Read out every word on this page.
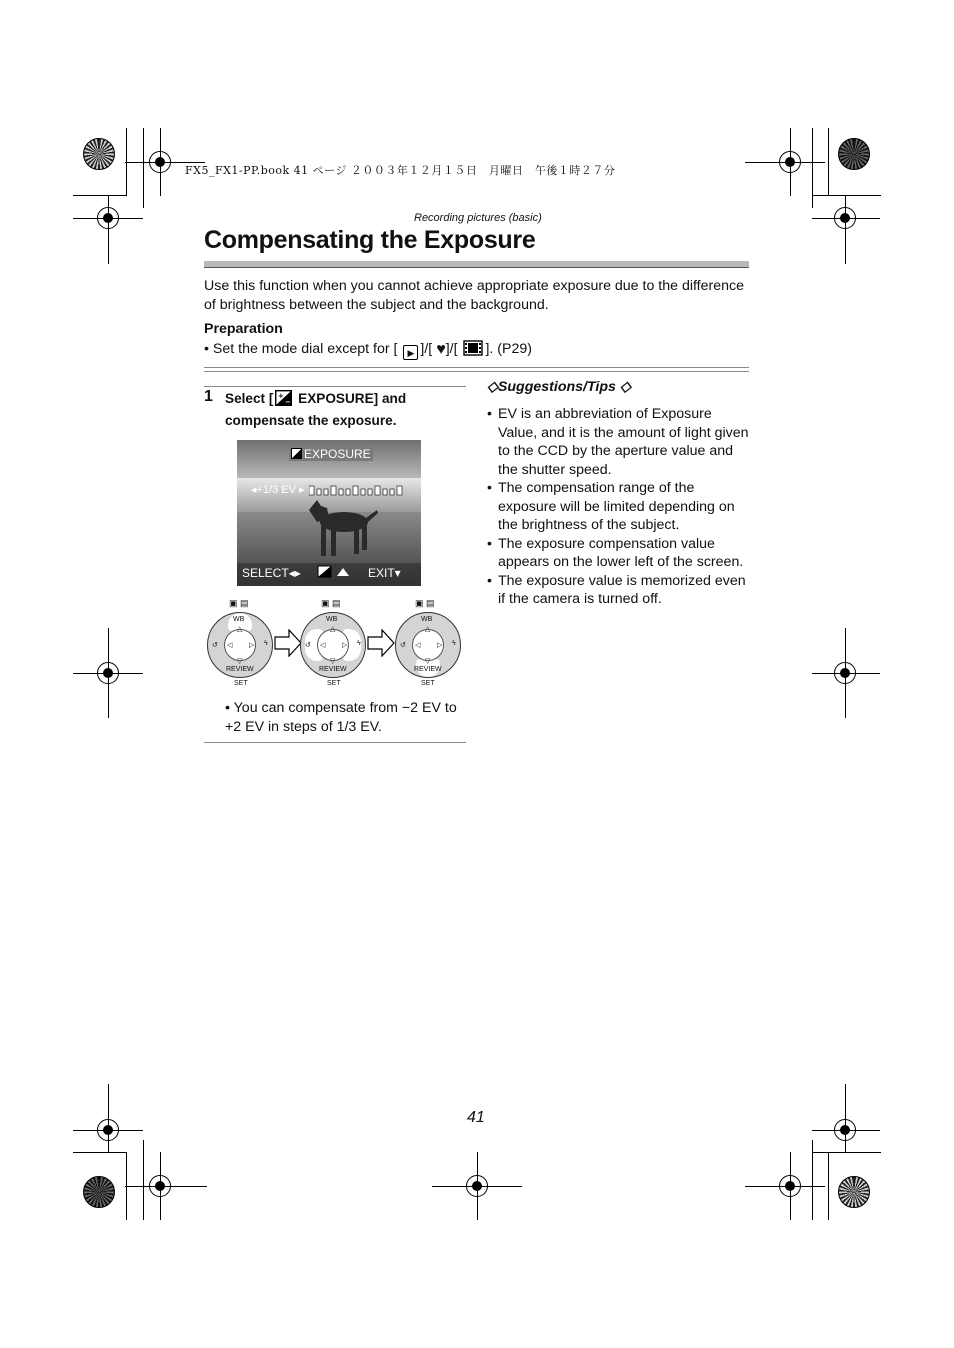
FX5_FX1-PP.book 41 ページ ２００３年１２月１５日　月曜日　午後１時２７分
Recording pictures (basic)
Compensating the Exposure
Use this function when you cannot achieve appropriate exposure due to the difference of brightness between the subject and the background.
Preparation
• Set the mode dial except for [ ▶ ]/[ ♥]/[ ]. (P29)
1 Select [ +
− EXPOSURE] and compensate the exposure.
EXPOSURE
◂+1/3 EV ▸
SELECT◂▸	EXIT▾
▣ ▤	▣ ▤	▣ ▤
WB
△
◁ ▷
▽
↺	ϟ
REVIEW
SET
WB
△
◁ ▷
▽
↺	ϟ
REVIEW
SET
WB
△
◁ ▷
▽
↺	ϟ
REVIEW
SET
• You can compensate from −2 EV to +2 EV in steps of 1/3 EV.
◇Suggestions/Tips ◇
• EV is an abbreviation of Exposure Value, and it is the amount of light given to the CCD by the aperture value and the shutter speed.
• The compensation range of the exposure will be limited depending on the brightness of the subject.
• The exposure compensation value appears on the lower left of the screen.
• The exposure value is memorized even if the camera is turned off.
41
